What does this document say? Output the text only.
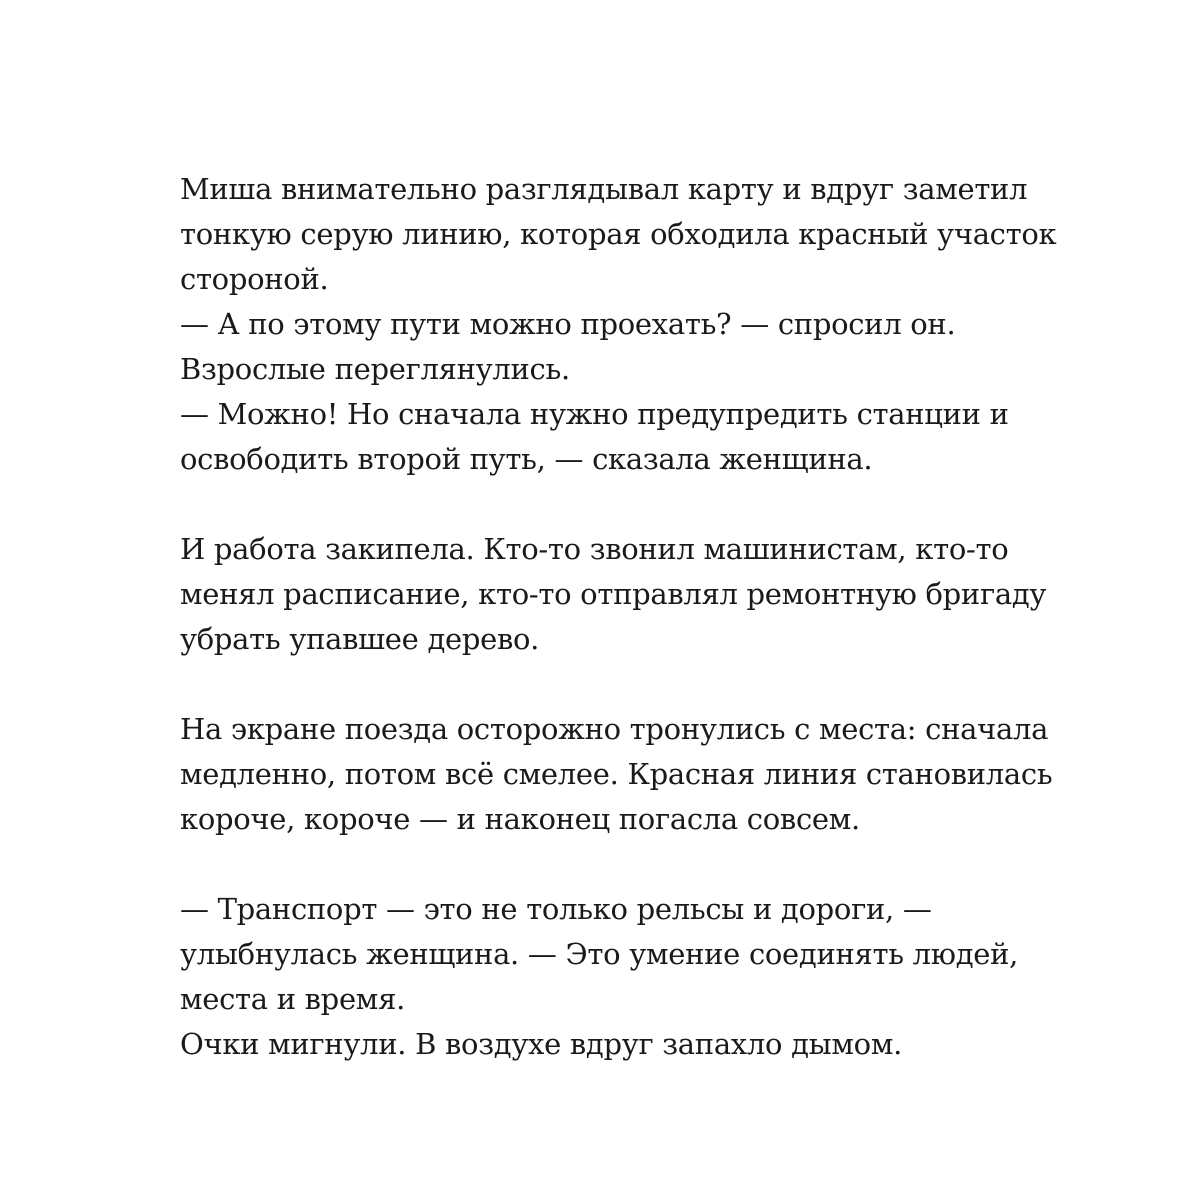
Миша внимательно разглядывал карту и вдруг заметил
тонкую серую линию, которая обходила красный участок
стороной.
— А по этому пути можно проехать? — спросил он.
Взрослые переглянулись.
— Можно! Но сначала нужно предупредить станции и
освободить второй путь, — сказала женщина.

И работа закипела. Кто-то звонил машинистам, кто-то
менял расписание, кто-то отправлял ремонтную бригаду
убрать упавшее дерево.

На экране поезда осторожно тронулись с места: сначала
медленно, потом всё смелее. Красная линия становилась
короче, короче — и наконец погасла совсем.

— Транспорт — это не только рельсы и дороги, —
улыбнулась женщина. — Это умение соединять людей,
места и время.
Очки мигнули. В воздухе вдруг запахло дымом.
